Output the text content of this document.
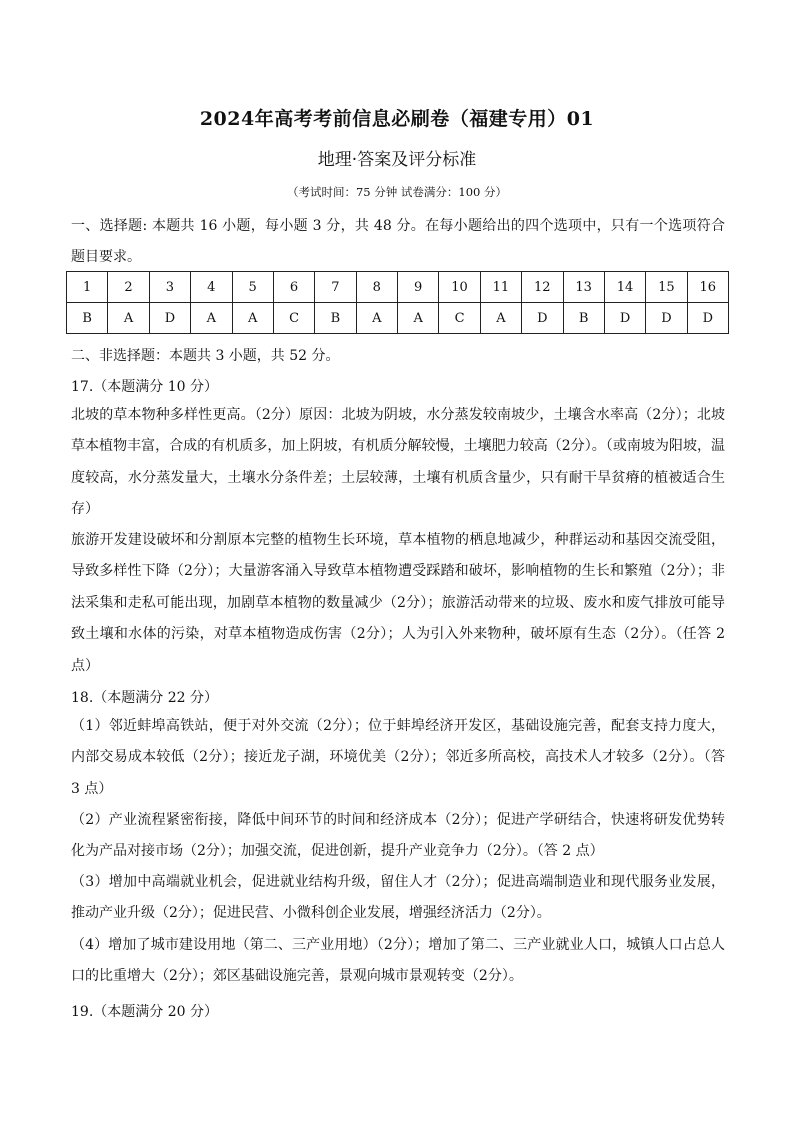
2024年高考考前信息必刷卷（福建专用）01
地理·答案及评分标准
（考试时间：75 分钟 试卷满分：100 分）
一、选择题: 本题共 16 小题，每小题 3 分，共 48 分。在每小题给出的四个选项中，只有一个选项符合题目要求。
1	2	3	4	5	6	7	8	9	10	11	12	13	14	15	16
B	A	D	A	A	C	B	A	A	C	A	D	B	D	D	D
二、非选择题：本题共 3 小题，共 52 分。
17.（本题满分 10 分）
北坡的草本物种多样性更高。（2分）原因：北坡为阴坡，水分蒸发较南坡少，土壤含水率高（2分）；北坡草本植物丰富，合成的有机质多，加上阴坡，有机质分解较慢，土壤肥力较高（2分）。（或南坡为阳坡，温度较高，水分蒸发量大，土壤水分条件差；土层较薄，土壤有机质含量少，只有耐干旱贫瘠的植被适合生存）
旅游开发建设破坏和分割原本完整的植物生长环境，草本植物的栖息地减少，种群运动和基因交流受阻，导致多样性下降（2分）；大量游客涌入导致草本植物遭受踩踏和破坏，影响植物的生长和繁殖（2分）；非法采集和走私可能出现，加剧草本植物的数量减少（2分）；旅游活动带来的垃圾、废水和废气排放可能导致土壤和水体的污染，对草本植物造成伤害（2分）；人为引入外来物种，破坏原有生态（2分）。（任答 2 点）
18.（本题满分 22 分）
（1）邻近蚌埠高铁站，便于对外交流（2分）；位于蚌埠经济开发区，基础设施完善，配套支持力度大，内部交易成本较低（2分）；接近龙子湖，环境优美（2分）；邻近多所高校，高技术人才较多（2分）。（答 3 点）
（2）产业流程紧密衔接，降低中间环节的时间和经济成本（2分）；促进产学研结合，快速将研发优势转化为产品对接市场（2分）；加强交流，促进创新，提升产业竞争力（2分）。（答 2 点）
（3）增加中高端就业机会，促进就业结构升级，留住人才（2分）；促进高端制造业和现代服务业发展，推动产业升级（2分）；促进民营、小微科创企业发展，增强经济活力（2分）。
（4）增加了城市建设用地（第二、三产业用地）（2分）；增加了第二、三产业就业人口，城镇人口占总人口的比重增大（2分）；郊区基础设施完善，景观向城市景观转变（2分）。
19.（本题满分 20 分）
